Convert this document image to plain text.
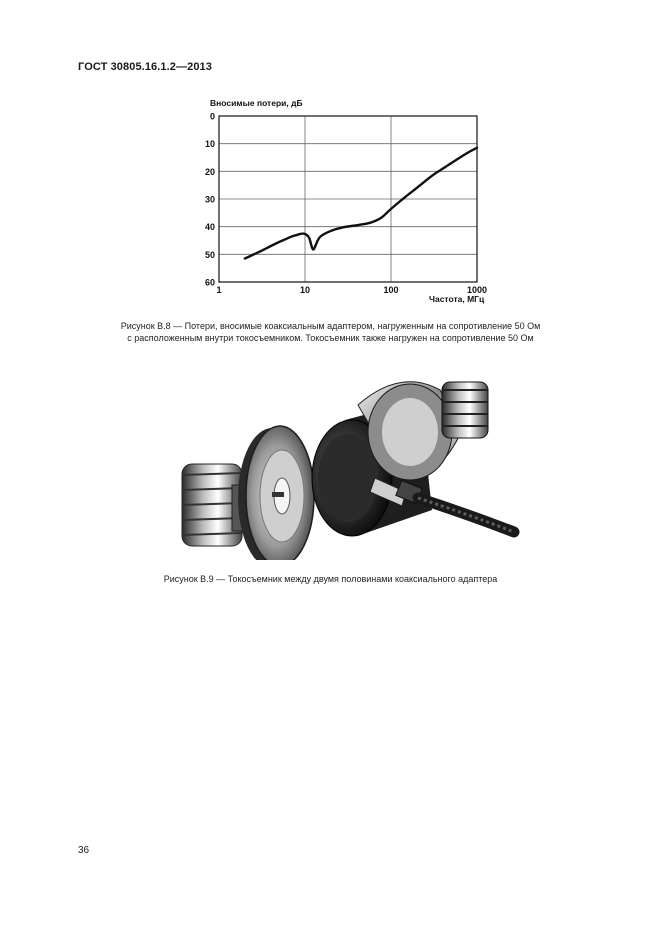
ГОСТ 30805.16.1.2—2013
Вносимые потери, дБ
Частота, МГц
0
10
20
30
40
50
60
1	10	100	1000
Рисунок В.8 — Потери, вносимые коаксиальным адаптером, нагруженным на сопротивление 50 Ом
с расположенным внутри токосъемником. Токосъемник также нагружен на сопротивление 50 Ом
Рисунок В.9 — Токосъемник между двумя половинами коаксиального адаптера
36
